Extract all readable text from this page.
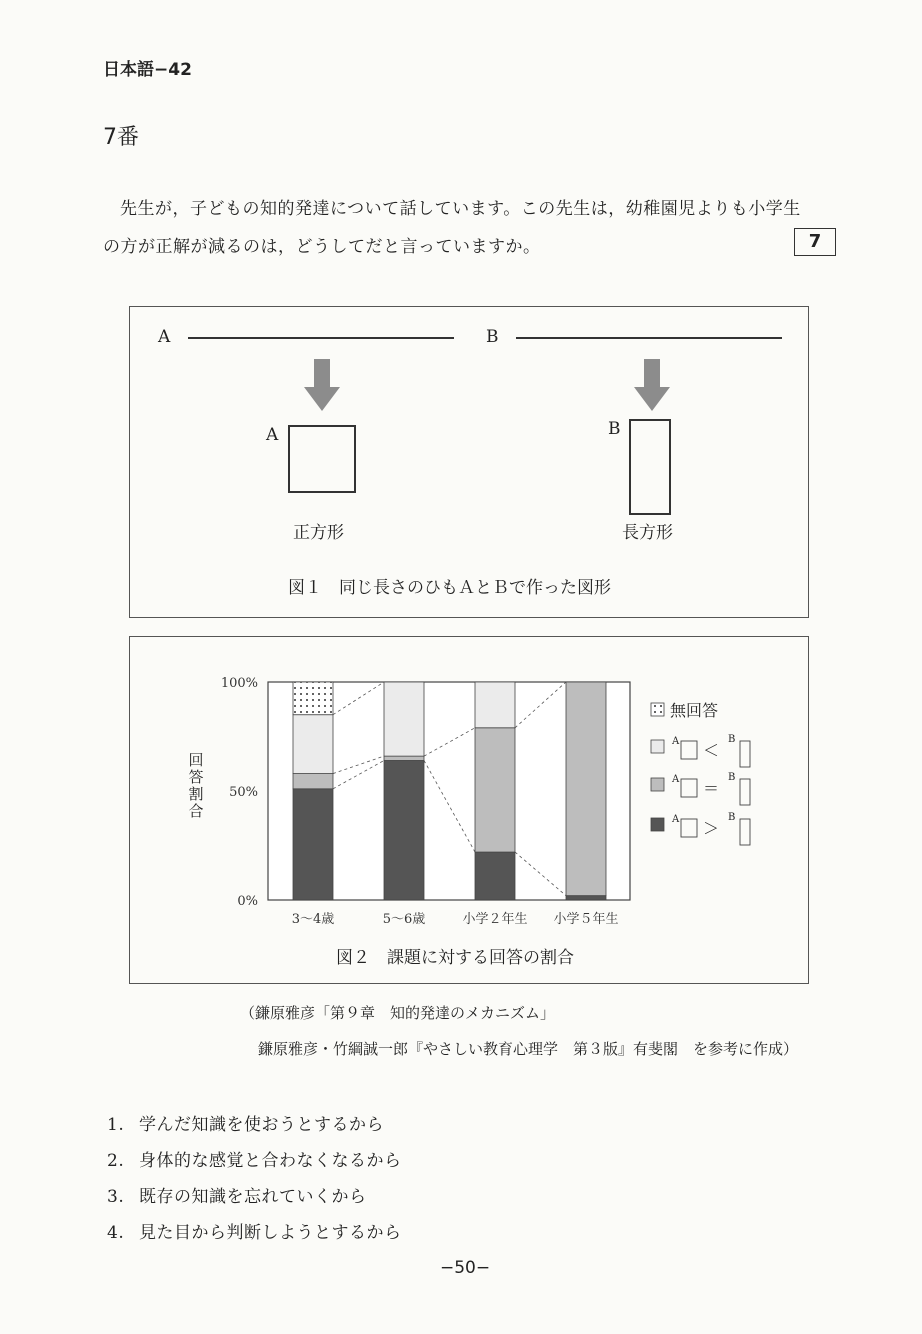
日本語−42
7番
先生が，子どもの知的発達について話しています。この先生は，幼稚園児よりも小学生
の方が正解が減るのは，どうしてだと言っていますか。	7
A	B
A	B
正方形	長方形
図１　同じ長さのひもＡとＢで作った図形
回答割合
100%
50%
0%
3～4歳	5～6歳	小学２年生 小学５年生
無回答
A ＜
B
A ＝
B
A ＞
B
図２　課題に対する回答の割合
（鎌原雅彦「第９章　知的発達のメカニズム」
鎌原雅彦・竹綱誠一郎『やさしい教育心理学　第３版』有斐閣　を参考に作成）
1. 学んだ知識を使おうとするから
2. 身体的な感覚と合わなくなるから
3. 既存の知識を忘れていくから
4. 見た目から判断しようとするから
−50−
